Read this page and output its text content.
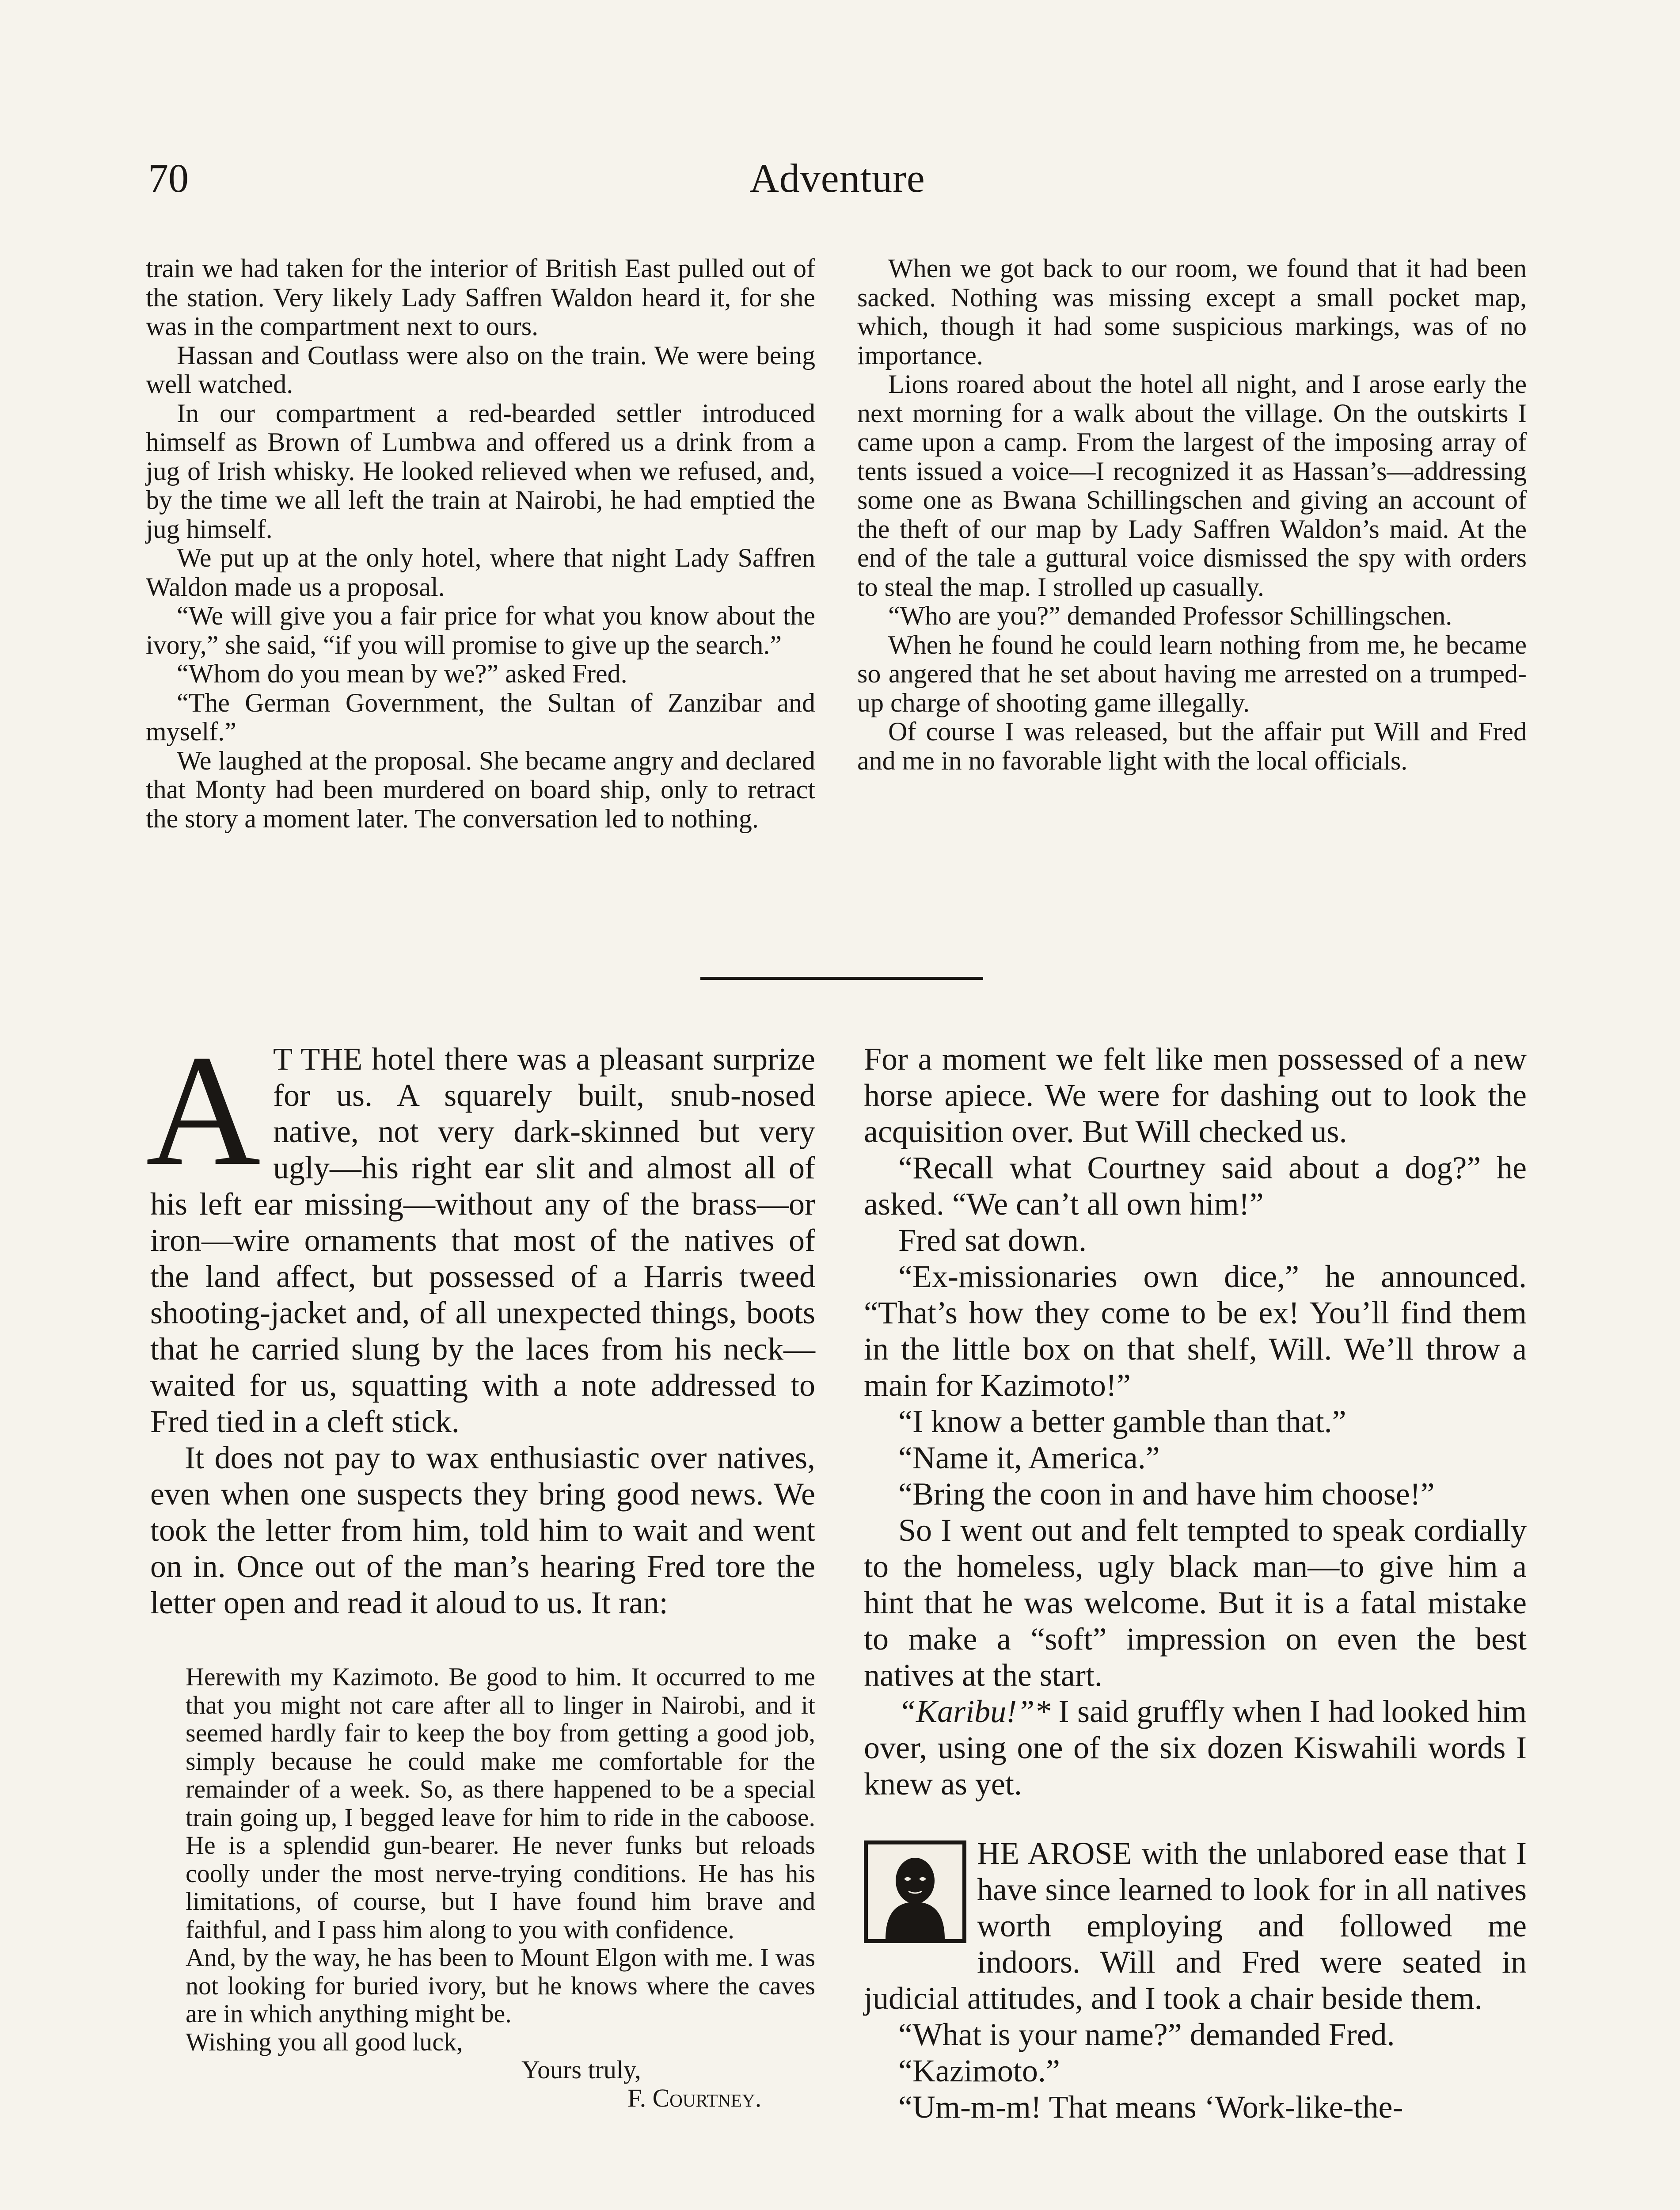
70	Adventure

train we had taken for the interior of British East pulled out of the station. Very likely Lady Saffren Waldon heard it, for she was in the compartment next to ours.

Hassan and Coutlass were also on the train. We were being well watched.

In our compartment a red-bearded settler introduced himself as Brown of Lumbwa and offered us a drink from a jug of Irish whisky. He looked relieved when we refused, and, by the time we all left the train at Nairobi, he had emptied the jug himself.

We put up at the only hotel, where that night Lady Saffren Waldon made us a proposal.

“We will give you a fair price for what you know about the ivory,” she said, “if you will promise to give up the search.”

“Whom do you mean by we?” asked Fred.

“The German Government, the Sultan of Zanzibar and myself.”

We laughed at the proposal. She became angry and declared that Monty had been murdered on board ship, only to retract the story a moment later. The conversation led to nothing.

When we got back to our room, we found that it had been sacked. Nothing was missing except a small pocket map, which, though it had some suspicious markings, was of no importance.

Lions roared about the hotel all night, and I arose early the next morning for a walk about the village. On the outskirts I came upon a camp. From the largest of the imposing array of tents issued a voice—I recognized it as Hassan’s—addressing some one as Bwana Schillingschen and giving an account of the theft of our map by Lady Saffren Waldon’s maid. At the end of the tale a guttural voice dismissed the spy with orders to steal the map. I strolled up casually.

“Who are you?” demanded Professor Schillingschen.

When he found he could learn nothing from me, he became so angered that he set about having me arrested on a trumped-up charge of shooting game illegally.

Of course I was released, but the affair put Will and Fred and me in no favorable light with the local officials.

A T THE hotel there was a pleasant surprize for us. A squarely built, snub-nosed native, not very dark-skinned but very ugly—his right ear slit and almost all of his left ear missing—without any of the brass—or iron—wire ornaments that most of the natives of the land affect, but possessed of a Harris tweed shooting-jacket and, of all unexpected things, boots that he carried slung by the laces from his neck—waited for us, squatting with a note addressed to Fred tied in a cleft stick.

It does not pay to wax enthusiastic over natives, even when one suspects they bring good news. We took the letter from him, told him to wait and went on in. Once out of the man’s hearing Fred tore the letter open and read it aloud to us. It ran:

Herewith my Kazimoto. Be good to him. It occurred to me that you might not care after all to linger in Nairobi, and it seemed hardly fair to keep the boy from getting a good job, simply because he could make me comfortable for the remainder of a week. So, as there happened to be a special train going up, I begged leave for him to ride in the caboose. He is a splendid gun-bearer. He never funks but reloads coolly under the most nerve-trying conditions. He has his limitations, of course, but I have found him brave and faithful, and I pass him along to you with confidence.

And, by the way, he has been to Mount Elgon with me. I was not looking for buried ivory, but he knows where the caves are in which anything might be.

Wishing you all good luck,

Yours truly,

F. Courtney.

For a moment we felt like men possessed of a new horse apiece. We were for dashing out to look the acquisition over. But Will checked us.

“Recall what Courtney said about a dog?” he asked. “We can’t all own him!”

Fred sat down.

“Ex-missionaries own dice,” he announced. “That’s how they come to be ex! You’ll find them in the little box on that shelf, Will. We’ll throw a main for Kazimoto!”

“I know a better gamble than that.”

“Name it, America.”

“Bring the coon in and have him choose!”

So I went out and felt tempted to speak cordially to the homeless, ugly black man—to give him a hint that he was welcome. But it is a fatal mistake to make a “soft” impression on even the best natives at the start.

“Karibu!”* I said gruffly when I had looked him over, using one of the six dozen Kiswahili words I knew as yet.

HE AROSE with the unlabored ease that I have since learned to look for in all natives worth employing and followed me indoors. Will and Fred were seated in judicial attitudes, and I took a chair beside them.

“What is your name?” demanded Fred.

“Kazimoto.”

“Um-m-m! That means ‘Work-like-the-
